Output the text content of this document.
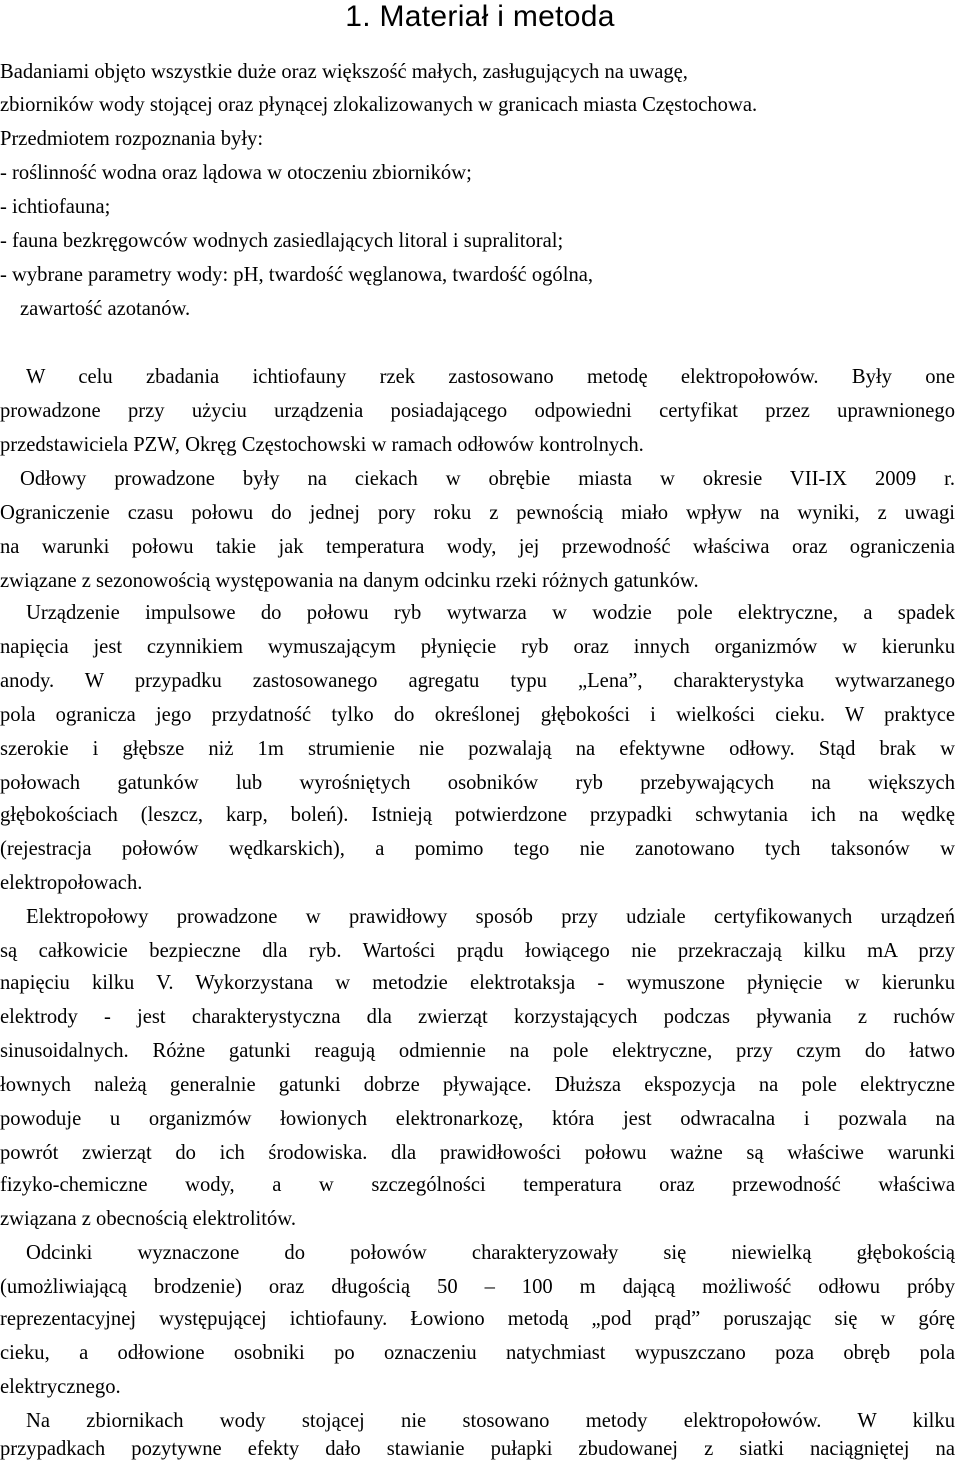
1. Materiał i metoda
Badaniami objęto wszystkie duże oraz większość małych, zasługujących na uwagę,
zbiorników wody stojącej oraz płynącej zlokalizowanych w granicach miasta Częstochowa.
Przedmiotem rozpoznania były:
- roślinność wodna oraz lądowa w otoczeniu zbiorników;
- ichtiofauna;
- fauna bezkręgowców wodnych zasiedlających litoral i supralitoral;
- wybrane parametry wody: pH, twardość węglanowa, twardość ogólna,
zawartość azotanów.
W celu zbadania ichtiofauny rzek zastosowano metodę elektropołowów. Były one
prowadzone przy użyciu urządzenia posiadającego odpowiedni certyfikat przez uprawnionego
przedstawiciela PZW, Okręg Częstochowski w ramach odłowów kontrolnych.
Odłowy prowadzone były na ciekach w obrębie miasta w okresie VII-IX 2009 r.
Ograniczenie czasu połowu do jednej pory roku z pewnością miało wpływ na wyniki, z uwagi
na warunki połowu takie jak temperatura wody, jej przewodność właściwa oraz ograniczenia
związane z sezonowością występowania na danym odcinku rzeki różnych gatunków.
Urządzenie impulsowe do połowu ryb wytwarza w wodzie pole elektryczne, a spadek
napięcia jest czynnikiem wymuszającym płynięcie ryb oraz innych organizmów w kierunku
anody. W przypadku zastosowanego agregatu typu „Lena”, charakterystyka wytwarzanego
pola ogranicza jego przydatność tylko do określonej głębokości i wielkości cieku. W praktyce
szerokie i głębsze niż 1m strumienie nie pozwalają na efektywne odłowy. Stąd brak w
połowach gatunków lub wyrośniętych osobników ryb przebywających na większych
głębokościach (leszcz, karp, boleń). Istnieją potwierdzone przypadki schwytania ich na wędkę
(rejestracja połowów wędkarskich), a pomimo tego nie zanotowano tych taksonów w
elektropołowach.
Elektropołowy prowadzone w prawidłowy sposób przy udziale certyfikowanych urządzeń
są całkowicie bezpieczne dla ryb. Wartości prądu łowiącego nie przekraczają kilku mA przy
napięciu kilku V. Wykorzystana w metodzie elektrotaksja - wymuszone płynięcie w kierunku
elektrody - jest charakterystyczna dla zwierząt korzystających podczas pływania z ruchów
sinusoidalnych. Różne gatunki reagują odmiennie na pole elektryczne, przy czym do łatwo
łownych należą generalnie gatunki dobrze pływające. Dłuższa ekspozycja na pole elektryczne
powoduje u organizmów łowionych elektronarkozę, która jest odwracalna i pozwala na
powrót zwierząt do ich środowiska. dla prawidłowości połowu ważne są właściwe warunki
fizyko-chemiczne wody, a w szczególności temperatura oraz przewodność właściwa
związana z obecnością elektrolitów.
Odcinki wyznaczone do połowów charakteryzowały się niewielką głębokością
(umożliwiającą brodzenie) oraz długością 50 – 100 m dającą możliwość odłowu próby
reprezentacyjnej występującej ichtiofauny. Łowiono metodą „pod prąd” poruszając się w górę
cieku, a odłowione osobniki po oznaczeniu natychmiast wypuszczano poza obręb pola
elektrycznego.
Na zbiornikach wody stojącej nie stosowano metody elektropołowów. W kilku
przypadkach pozytywne efekty dało stawianie pułapki zbudowanej z siatki naciągniętej na
